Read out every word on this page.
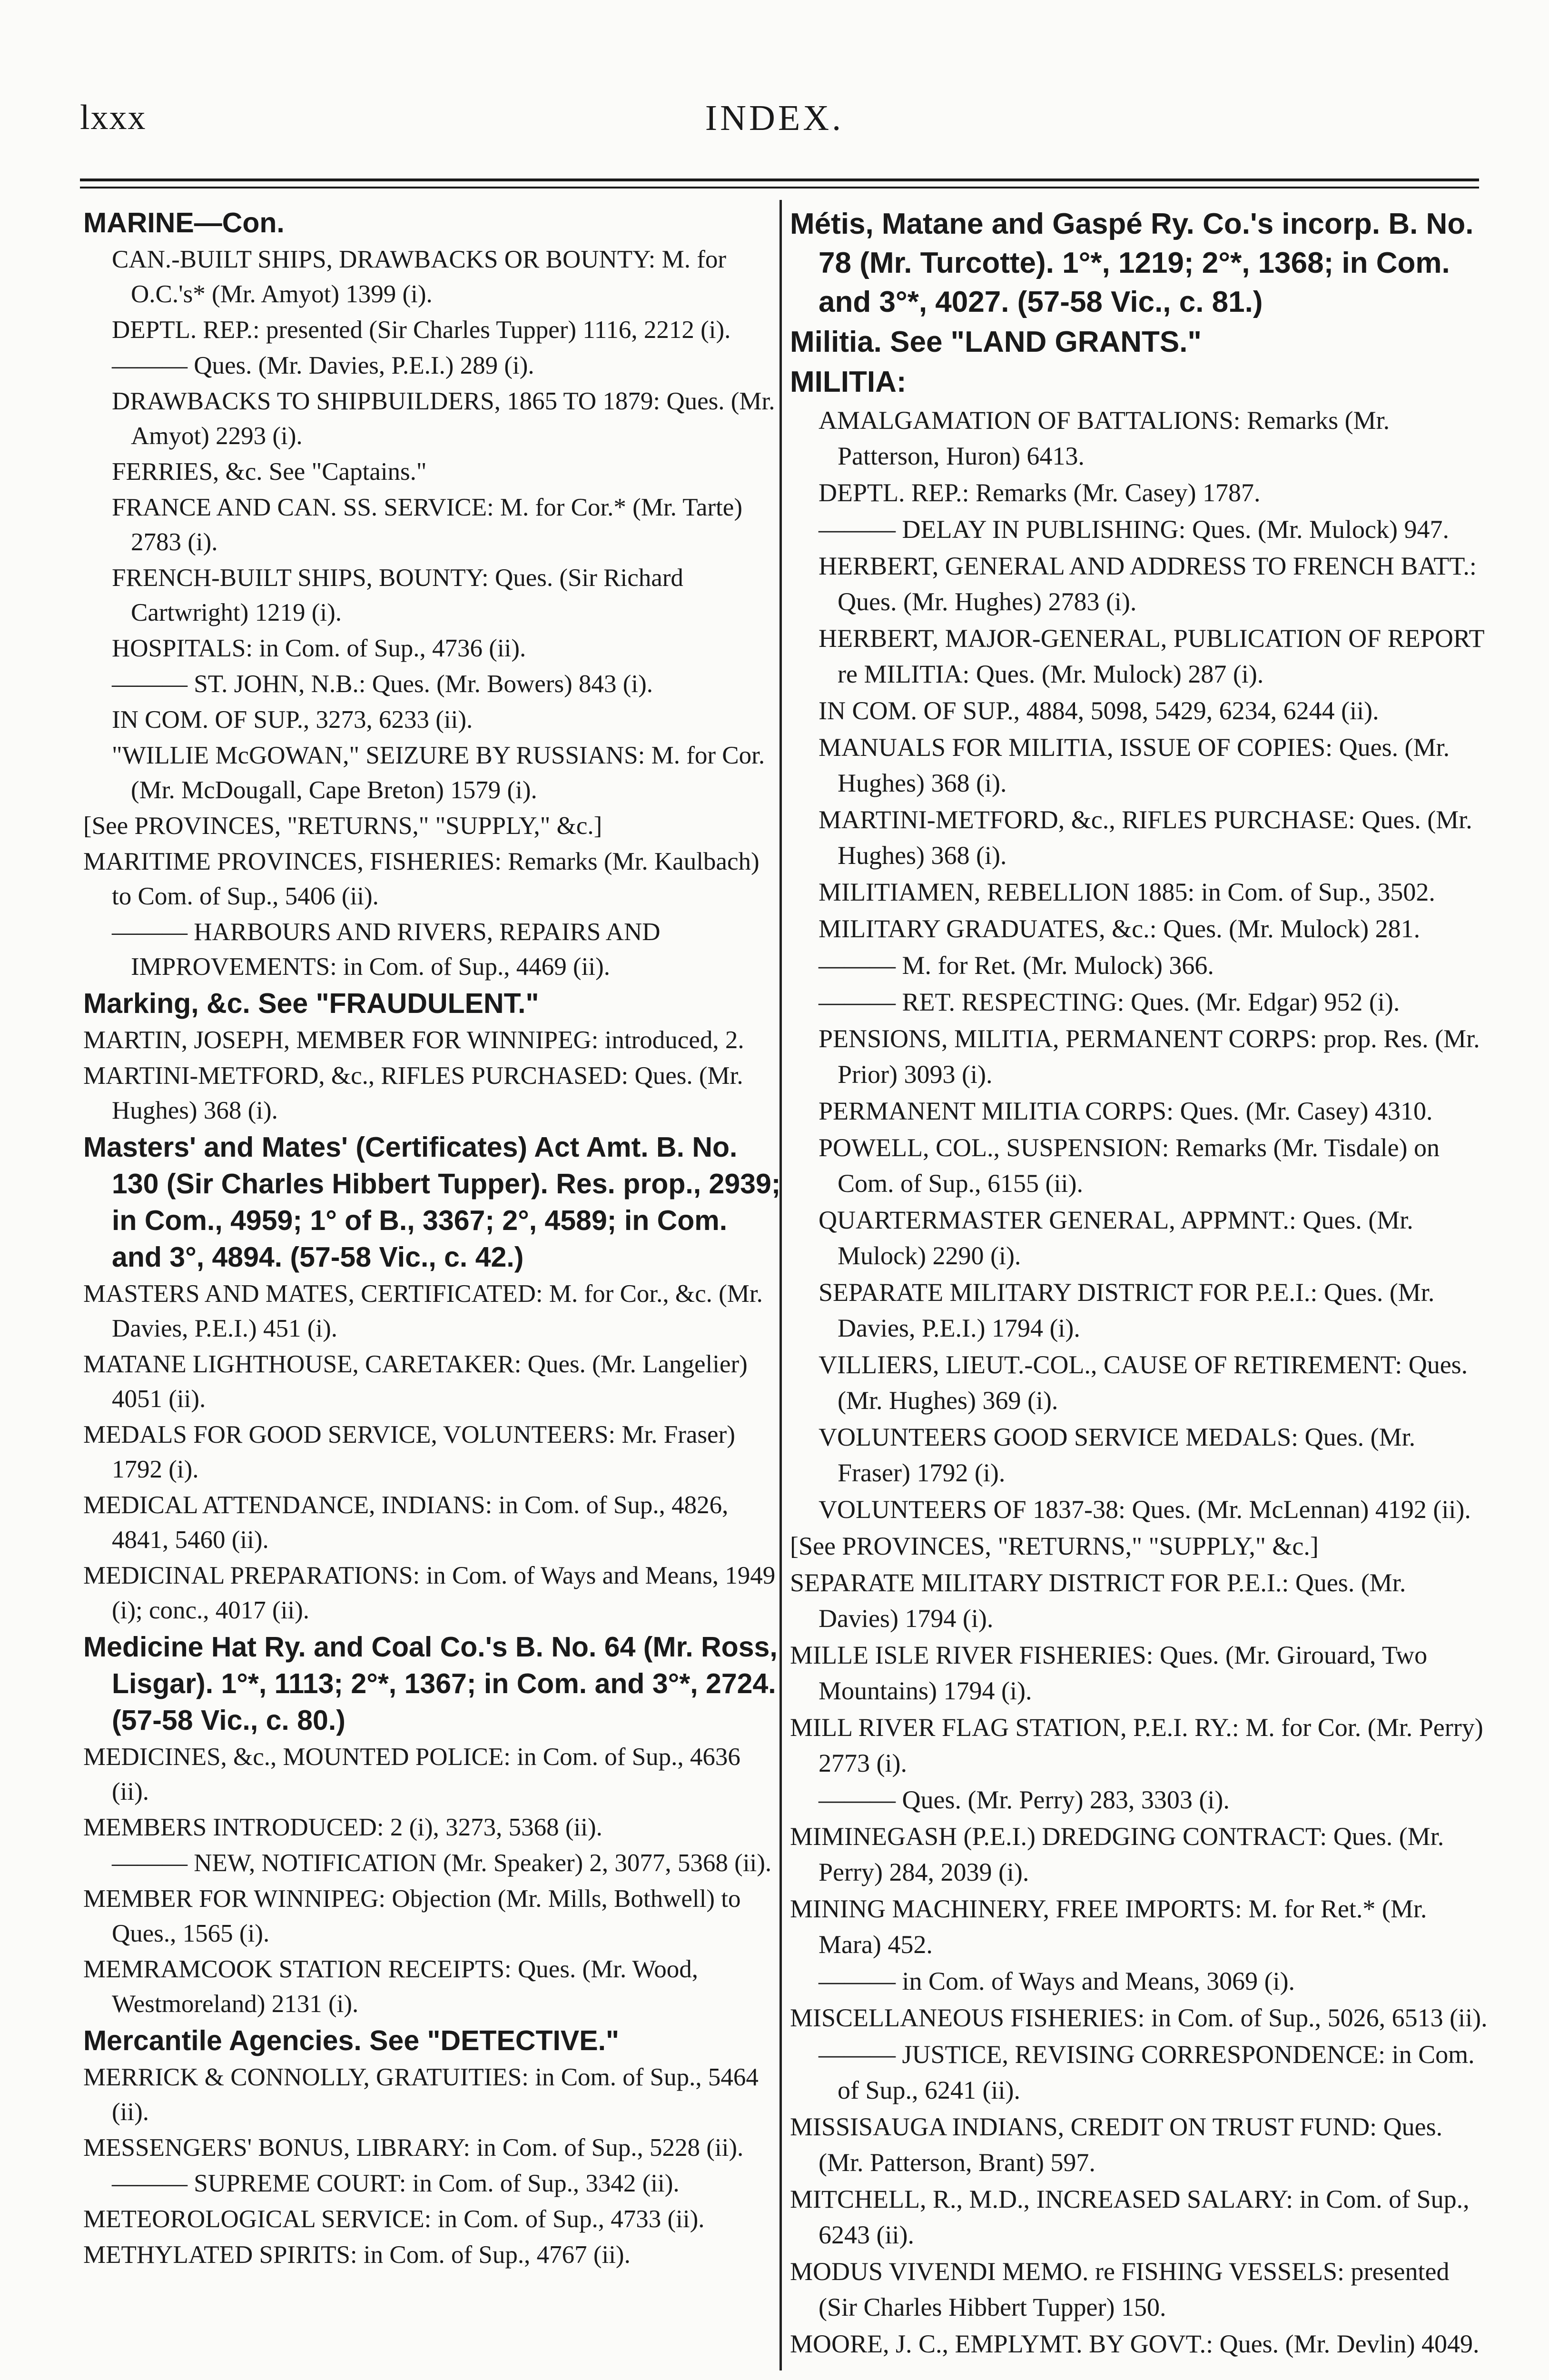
lxxx	INDEX.
MARINE—Con.
CAN.-BUILT SHIPS, DRAWBACKS OR BOUNTY: M. for O.C.'s* (Mr. Amyot) 1399 (i).
DEPTL. REP.: presented (Sir Charles Tupper) 1116, 2212 (i).
——— Ques. (Mr. Davies, P.E.I.) 289 (i).
DRAWBACKS TO SHIPBUILDERS, 1865 TO 1879: Ques. (Mr. Amyot) 2293 (i).
FERRIES, &c. See "Captains."
FRANCE AND CAN. SS. SERVICE: M. for Cor.* (Mr. Tarte) 2783 (i).
FRENCH-BUILT SHIPS, BOUNTY: Ques. (Sir Richard Cartwright) 1219 (i).
HOSPITALS: in Com. of Sup., 4736 (ii).
——— ST. JOHN, N.B.: Ques. (Mr. Bowers) 843 (i).
IN COM. OF SUP., 3273, 6233 (ii).
"WILLIE McGOWAN," SEIZURE BY RUSSIANS: M. for Cor. (Mr. McDougall, Cape Breton) 1579 (i).
[See PROVINCES, "RETURNS," "SUPPLY," &c.]
MARITIME PROVINCES, FISHERIES: Remarks (Mr. Kaulbach) to Com. of Sup., 5406 (ii).
——— HARBOURS AND RIVERS, REPAIRS AND IMPROVEMENTS: in Com. of Sup., 4469 (ii).
Marking, &c. See "FRAUDULENT."
MARTIN, JOSEPH, MEMBER FOR WINNIPEG: introduced, 2.
MARTINI-METFORD, &c., RIFLES PURCHASED: Ques. (Mr. Hughes) 368 (i).
Masters' and Mates' (Certificates) Act Amt. B. No. 130 (Sir Charles Hibbert Tupper). Res. prop., 2939; in Com., 4959; 1° of B., 3367; 2°, 4589; in Com. and 3°, 4894. (57-58 Vic., c. 42.)
MASTERS AND MATES, CERTIFICATED: M. for Cor., &c. (Mr. Davies, P.E.I.) 451 (i).
MATANE LIGHTHOUSE, CARETAKER: Ques. (Mr. Langelier) 4051 (ii).
MEDALS FOR GOOD SERVICE, VOLUNTEERS: Mr. Fraser) 1792 (i).
MEDICAL ATTENDANCE, INDIANS: in Com. of Sup., 4826, 4841, 5460 (ii).
MEDICINAL PREPARATIONS: in Com. of Ways and Means, 1949 (i); conc., 4017 (ii).
Medicine Hat Ry. and Coal Co.'s B. No. 64 (Mr. Ross, Lisgar). 1°*, 1113; 2°*, 1367; in Com. and 3°*, 2724. (57-58 Vic., c. 80.)
MEDICINES, &c., MOUNTED POLICE: in Com. of Sup., 4636 (ii).
MEMBERS INTRODUCED: 2 (i), 3273, 5368 (ii).
——— NEW, NOTIFICATION (Mr. Speaker) 2, 3077, 5368 (ii).
MEMBER FOR WINNIPEG: Objection (Mr. Mills, Bothwell) to Ques., 1565 (i).
MEMRAMCOOK STATION RECEIPTS: Ques. (Mr. Wood, Westmoreland) 2131 (i).
Mercantile Agencies. See "DETECTIVE."
MERRICK & CONNOLLY, GRATUITIES: in Com. of Sup., 5464 (ii).
MESSENGERS' BONUS, LIBRARY: in Com. of Sup., 5228 (ii).
——— SUPREME COURT: in Com. of Sup., 3342 (ii).
METEOROLOGICAL SERVICE: in Com. of Sup., 4733 (ii).
METHYLATED SPIRITS: in Com. of Sup., 4767 (ii).
Métis, Matane and Gaspé Ry. Co.'s incorp. B. No. 78 (Mr. Turcotte). 1°*, 1219; 2°*, 1368; in Com. and 3°*, 4027. (57-58 Vic., c. 81.)
Militia. See "LAND GRANTS."
MILITIA:
AMALGAMATION OF BATTALIONS: Remarks (Mr. Patterson, Huron) 6413.
DEPTL. REP.: Remarks (Mr. Casey) 1787.
——— DELAY IN PUBLISHING: Ques. (Mr. Mulock) 947.
HERBERT, GENERAL AND ADDRESS TO FRENCH BATT.: Ques. (Mr. Hughes) 2783 (i).
HERBERT, MAJOR-GENERAL, PUBLICATION OF REPORT re MILITIA: Ques. (Mr. Mulock) 287 (i).
IN COM. OF SUP., 4884, 5098, 5429, 6234, 6244 (ii).
MANUALS FOR MILITIA, ISSUE OF COPIES: Ques. (Mr. Hughes) 368 (i).
MARTINI-METFORD, &c., RIFLES PURCHASE: Ques. (Mr. Hughes) 368 (i).
MILITIAMEN, REBELLION 1885: in Com. of Sup., 3502.
MILITARY GRADUATES, &c.: Ques. (Mr. Mulock) 281.
——— M. for Ret. (Mr. Mulock) 366.
——— RET. RESPECTING: Ques. (Mr. Edgar) 952 (i).
PENSIONS, MILITIA, PERMANENT CORPS: prop. Res. (Mr. Prior) 3093 (i).
PERMANENT MILITIA CORPS: Ques. (Mr. Casey) 4310.
POWELL, COL., SUSPENSION: Remarks (Mr. Tisdale) on Com. of Sup., 6155 (ii).
QUARTERMASTER GENERAL, APPMNT.: Ques. (Mr. Mulock) 2290 (i).
SEPARATE MILITARY DISTRICT FOR P.E.I.: Ques. (Mr. Davies, P.E.I.) 1794 (i).
VILLIERS, LIEUT.-COL., CAUSE OF RETIREMENT: Ques. (Mr. Hughes) 369 (i).
VOLUNTEERS GOOD SERVICE MEDALS: Ques. (Mr. Fraser) 1792 (i).
VOLUNTEERS OF 1837-38: Ques. (Mr. McLennan) 4192 (ii).
[See PROVINCES, "RETURNS," "SUPPLY," &c.]
SEPARATE MILITARY DISTRICT FOR P.E.I.: Ques. (Mr. Davies) 1794 (i).
MILLE ISLE RIVER FISHERIES: Ques. (Mr. Girouard, Two Mountains) 1794 (i).
MILL RIVER FLAG STATION, P.E.I. RY.: M. for Cor. (Mr. Perry) 2773 (i).
——— Ques. (Mr. Perry) 283, 3303 (i).
MIMINEGASH (P.E.I.) DREDGING CONTRACT: Ques. (Mr. Perry) 284, 2039 (i).
MINING MACHINERY, FREE IMPORTS: M. for Ret.* (Mr. Mara) 452.
——— in Com. of Ways and Means, 3069 (i).
MISCELLANEOUS FISHERIES: in Com. of Sup., 5026, 6513 (ii).
——— JUSTICE, REVISING CORRESPONDENCE: in Com. of Sup., 6241 (ii).
MISSISAUGA INDIANS, CREDIT ON TRUST FUND: Ques. (Mr. Patterson, Brant) 597.
MITCHELL, R., M.D., INCREASED SALARY: in Com. of Sup., 6243 (ii).
MODUS VIVENDI MEMO. re FISHING VESSELS: presented (Sir Charles Hibbert Tupper) 150.
MOORE, J. C., EMPLYMT. BY GOVT.: Ques. (Mr. Devlin) 4049.
